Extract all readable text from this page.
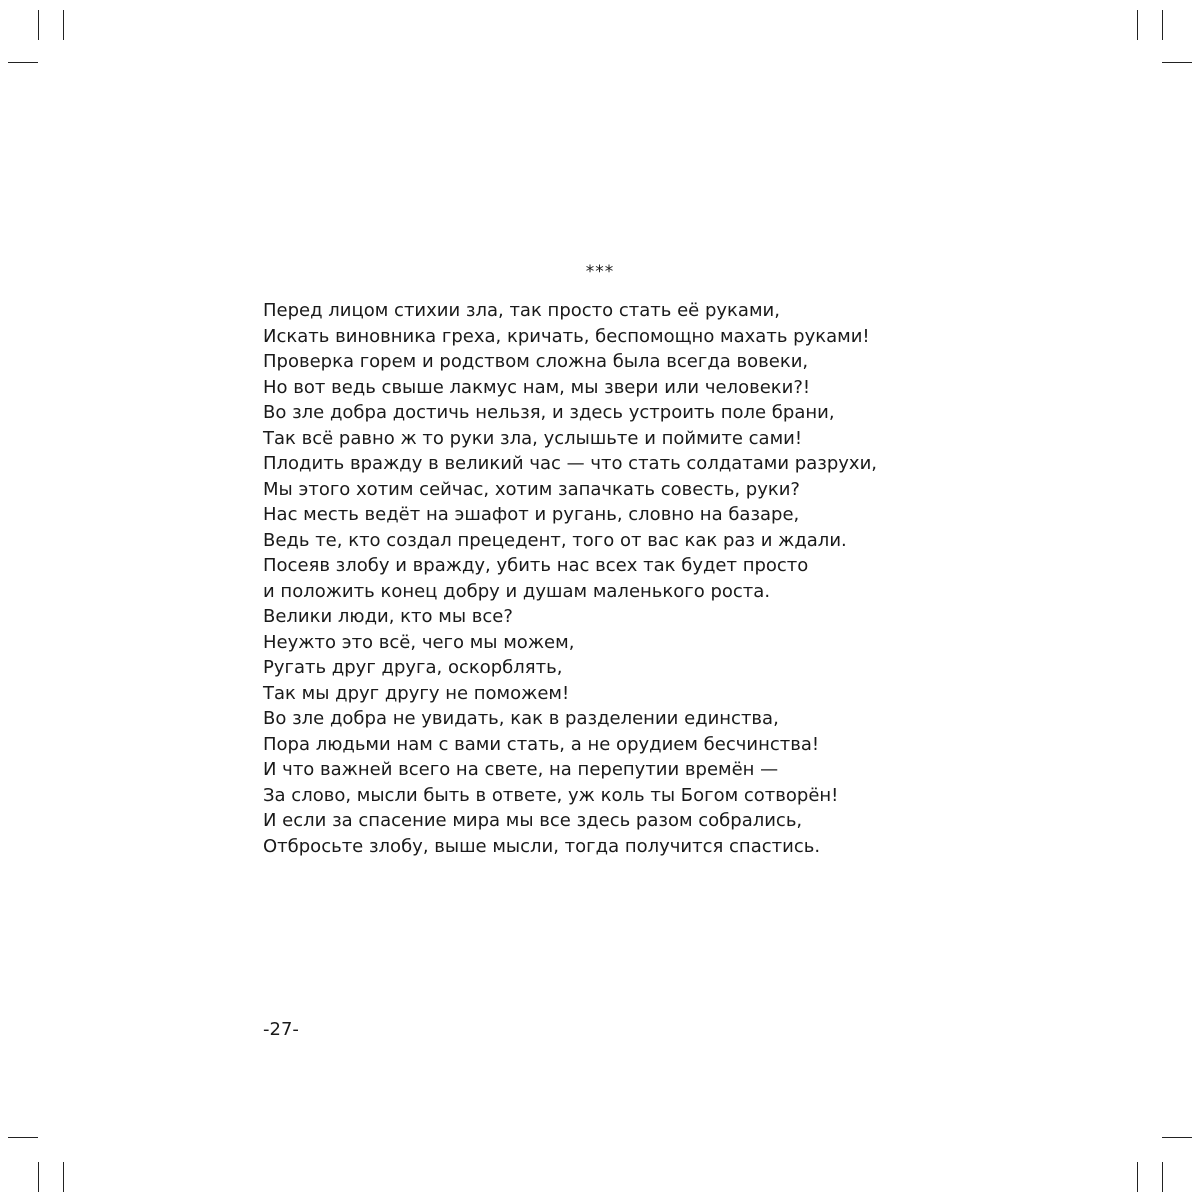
***
Перед лицом стихии зла, так просто стать её руками,
Искать виновника греха, кричать, беспомощно махать руками!
Проверка горем и родством сложна была всегда вовеки,
Но вот ведь свыше лакмус нам, мы звери или человеки?!
Во зле добра достичь нельзя, и здесь устроить поле брани,
Так всё равно ж то руки зла, услышьте и поймите сами!
Плодить вражду в великий час — что стать солдатами разрухи,
Мы этого хотим сейчас, хотим запачкать совесть, руки?
Нас месть ведёт на эшафот и ругань, словно на базаре,
Ведь те, кто создал прецедент, того от вас как раз и ждали.
Посеяв злобу и вражду, убить нас всех так будет просто
и положить конец добру и душам маленького роста.
Велики люди, кто мы все?
Неужто это всё, чего мы можем,
Ругать друг друга, оскорблять,
Так мы друг другу не поможем!
Во зле добра не увидать, как в разделении единства,
Пора людьми нам с вами стать, а не орудием бесчинства!
И что важней всего на свете, на перепутии времён —
За слово, мысли быть в ответе, уж коль ты Богом сотворён!
И если за спасение мира мы все здесь разом собрались,
Отбросьте злобу, выше мысли, тогда получится спастись.
-27-
